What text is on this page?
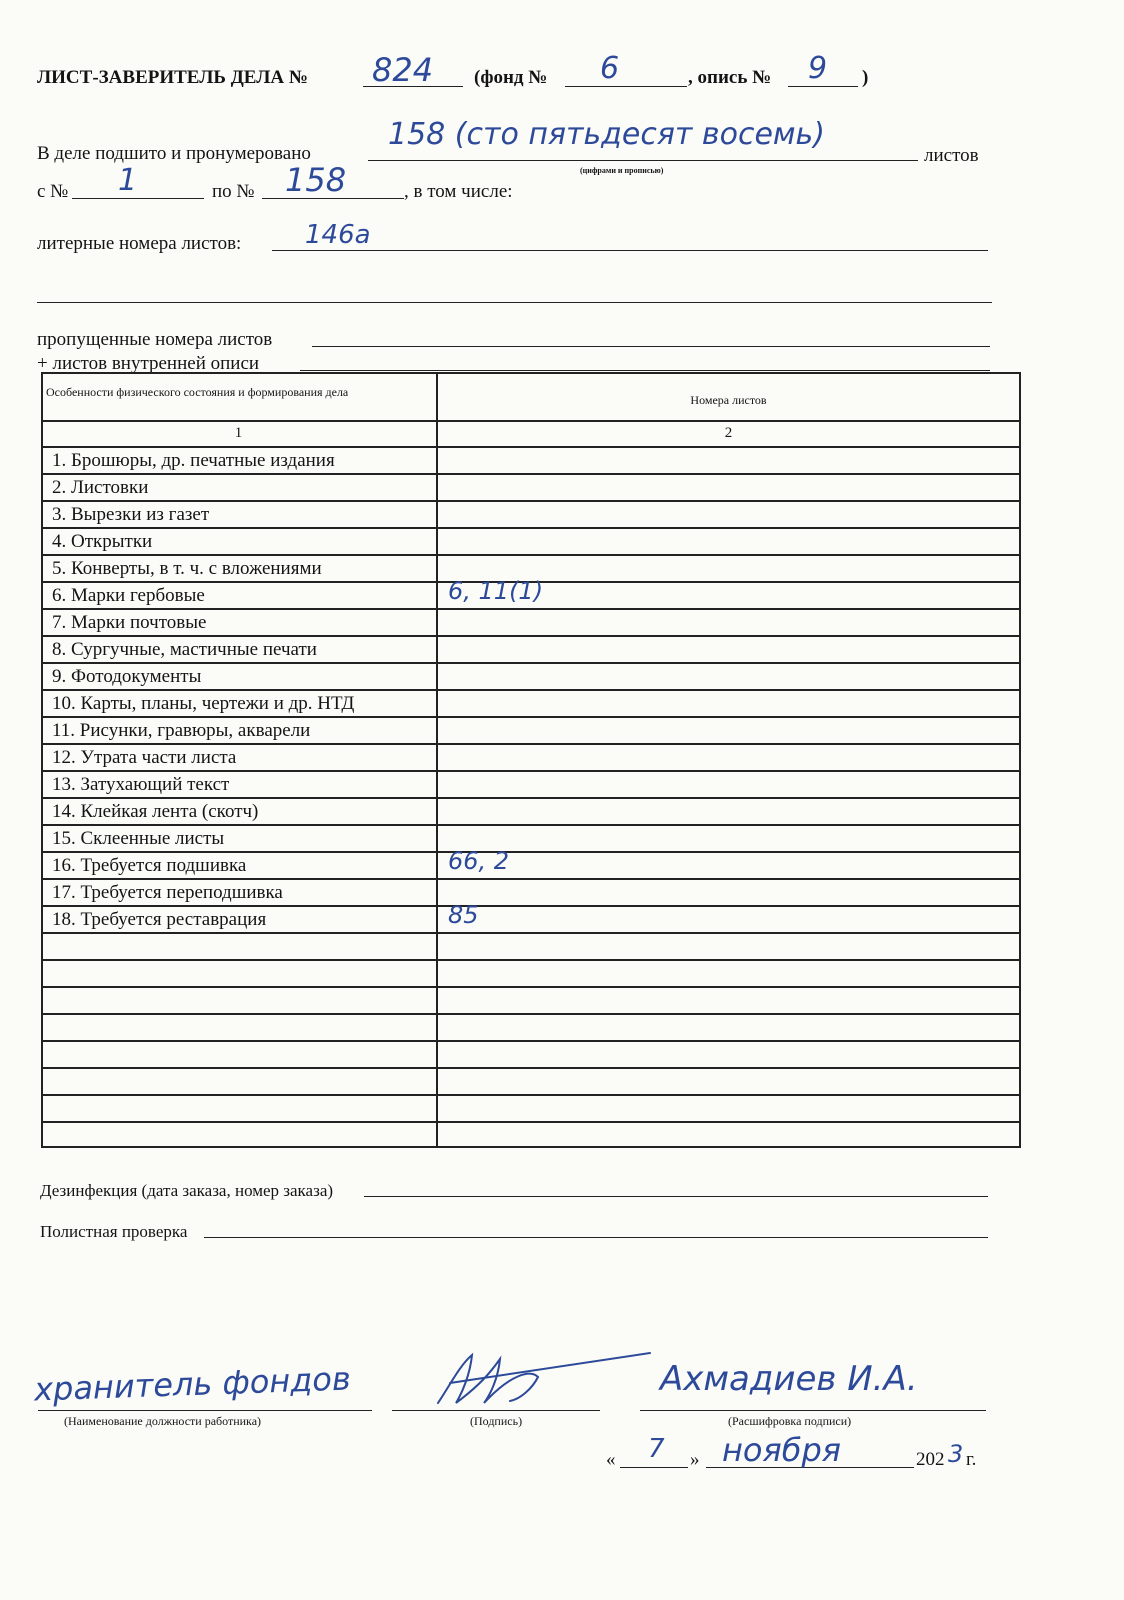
ЛИСТ-ЗАВЕРИТЕЛЬ ДЕЛА № 824 (фонд № 6	, опись № 9 )
В деле подшито и пронумеровано
158 (сто пятьдесят восемь)
(цифрами и прописью)
листов
с № 1	по № 158	, в том числе:
литерные номера листов: 146а
пропущенные номера листов
+ листов внутренней описи
Особенности физического состояния и формирования дела
Номера листов
1	2
1. Брошюры, др. печатные издания
2. Листовки
3. Вырезки из газет
4. Открытки
5. Конверты, в т. ч. с вложениями
6. Марки гербовые	6, 11(1)
7. Марки почтовые
8. Сургучные, мастичные печати
9. Фотодокументы
10. Карты, планы, чертежи и др. НТД
11. Рисунки, гравюры, акварели
12. Утрата части листа
13. Затухающий текст
14. Клейкая лента (скотч)
15. Склеенные листы
16. Требуется подшивка	66, 2
17. Требуется переподшивка
18. Требуется реставрация	85
Дезинфекция (дата заказа, номер заказа)
Полистная проверка
хранитель фондов
(Наименование должности работника)	(Подпись)
Ахмадиев И.А.
(Расшифровка подписи)
« 7 » ноября	202 3 г.
